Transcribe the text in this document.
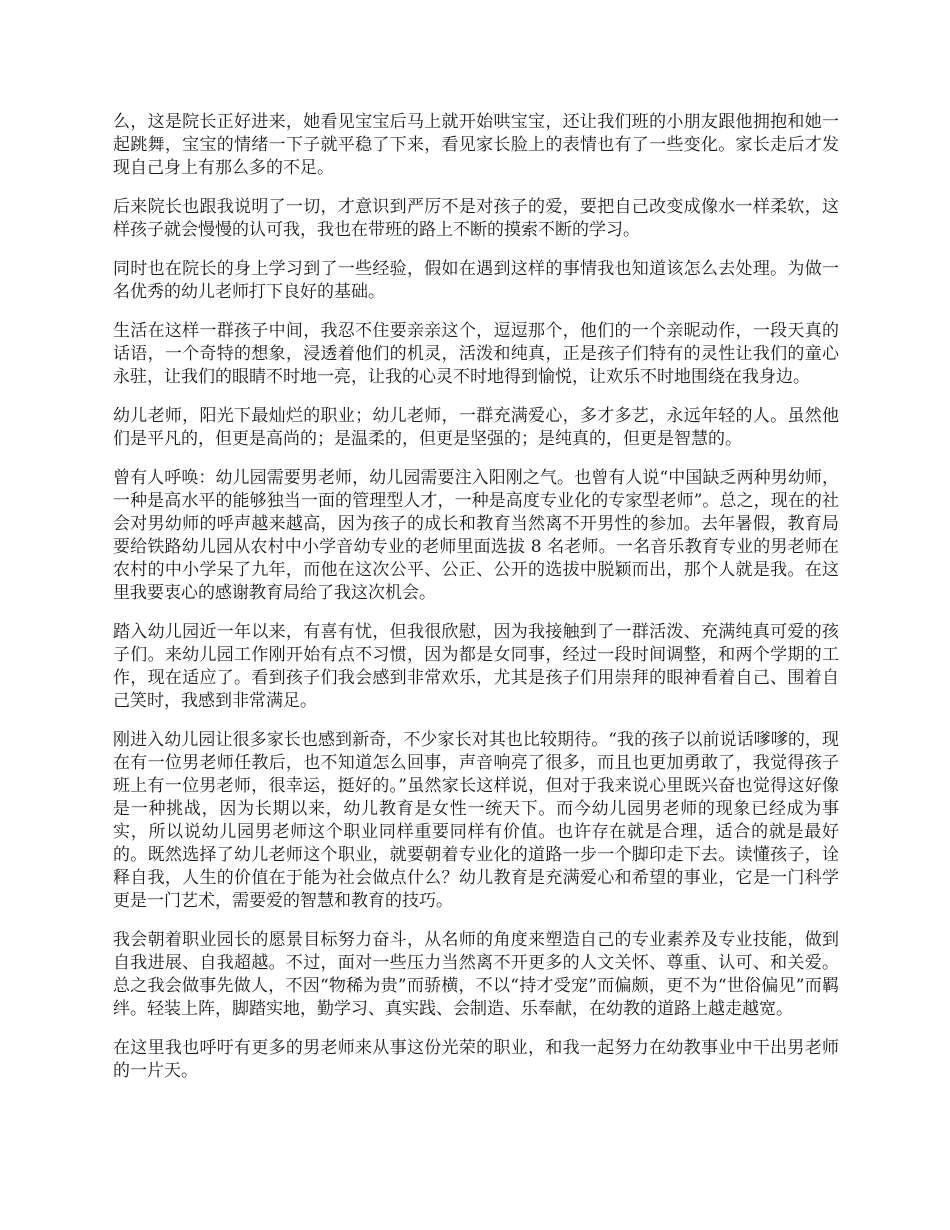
么，这是院长正好进来，她看见宝宝后马上就开始哄宝宝，还让我们班的小朋友跟他拥抱和她一起跳舞，宝宝的情绪一下子就平稳了下来，看见家长脸上的表情也有了一些变化。家长走后才发现自己身上有那么多的不足。

后来院长也跟我说明了一切，才意识到严厉不是对孩子的爱，要把自己改变成像水一样柔软，这样孩子就会慢慢的认可我，我也在带班的路上不断的摸索不断的学习。

同时也在院长的身上学习到了一些经验，假如在遇到这样的事情我也知道该怎么去处理。为做一名优秀的幼儿老师打下良好的基础。

生活在这样一群孩子中间，我忍不住要亲亲这个，逗逗那个，他们的一个亲昵动作，一段天真的话语，一个奇特的想象，浸透着他们的机灵，活泼和纯真，正是孩子们特有的灵性让我们的童心永驻，让我们的眼睛不时地一亮，让我的心灵不时地得到愉悦，让欢乐不时地围绕在我身边。

幼儿老师，阳光下最灿烂的职业；幼儿老师，一群充满爱心，多才多艺，永远年轻的人。虽然他们是平凡的，但更是高尚的；是温柔的，但更是坚强的；是纯真的，但更是智慧的。

曾有人呼唤：幼儿园需要男老师，幼儿园需要注入阳刚之气。也曾有人说“中国缺乏两种男幼师，一种是高水平的能够独当一面的管理型人才，一种是高度专业化的专家型老师”。总之，现在的社会对男幼师的呼声越来越高，因为孩子的成长和教育当然离不开男性的参加。去年暑假，教育局要给铁路幼儿园从农村中小学音幼专业的老师里面选拔 8 名老师。一名音乐教育专业的男老师在农村的中小学呆了九年，而他在这次公平、公正、公开的选拔中脱颖而出，那个人就是我。在这里我要衷心的感谢教育局给了我这次机会。

踏入幼儿园近一年以来，有喜有忧，但我很欣慰，因为我接触到了一群活泼、充满纯真可爱的孩子们。来幼儿园工作刚开始有点不习惯，因为都是女同事，经过一段时间调整，和两个学期的工作，现在适应了。看到孩子们我会感到非常欢乐，尤其是孩子们用崇拜的眼神看着自己、围着自己笑时，我感到非常满足。

刚进入幼儿园让很多家长也感到新奇，不少家长对其也比较期待。“我的孩子以前说话嗲嗲的，现在有一位男老师任教后，也不知道怎么回事，声音响亮了很多，而且也更加勇敢了，我觉得孩子班上有一位男老师，很幸运，挺好的。”虽然家长这样说，但对于我来说心里既兴奋也觉得这好像是一种挑战，因为长期以来，幼儿教育是女性一统天下。而今幼儿园男老师的现象已经成为事实，所以说幼儿园男老师这个职业同样重要同样有价值。也许存在就是合理，适合的就是最好的。既然选择了幼儿老师这个职业，就要朝着专业化的道路一步一个脚印走下去。读懂孩子，诠释自我，人生的价值在于能为社会做点什么？幼儿教育是充满爱心和希望的事业，它是一门科学更是一门艺术，需要爱的智慧和教育的技巧。

我会朝着职业园长的愿景目标努力奋斗，从名师的角度来塑造自己的专业素养及专业技能，做到自我进展、自我超越。不过，面对一些压力当然离不开更多的人文关怀、尊重、认可、和关爱。总之我会做事先做人，不因“物稀为贵”而骄横，不以“持才受宠”而偏颇，更不为“世俗偏见”而羁绊。轻装上阵，脚踏实地，勤学习、真实践、会制造、乐奉献，在幼教的道路上越走越宽。

在这里我也呼吁有更多的男老师来从事这份光荣的职业，和我一起努力在幼教事业中干出男老师的一片天。
